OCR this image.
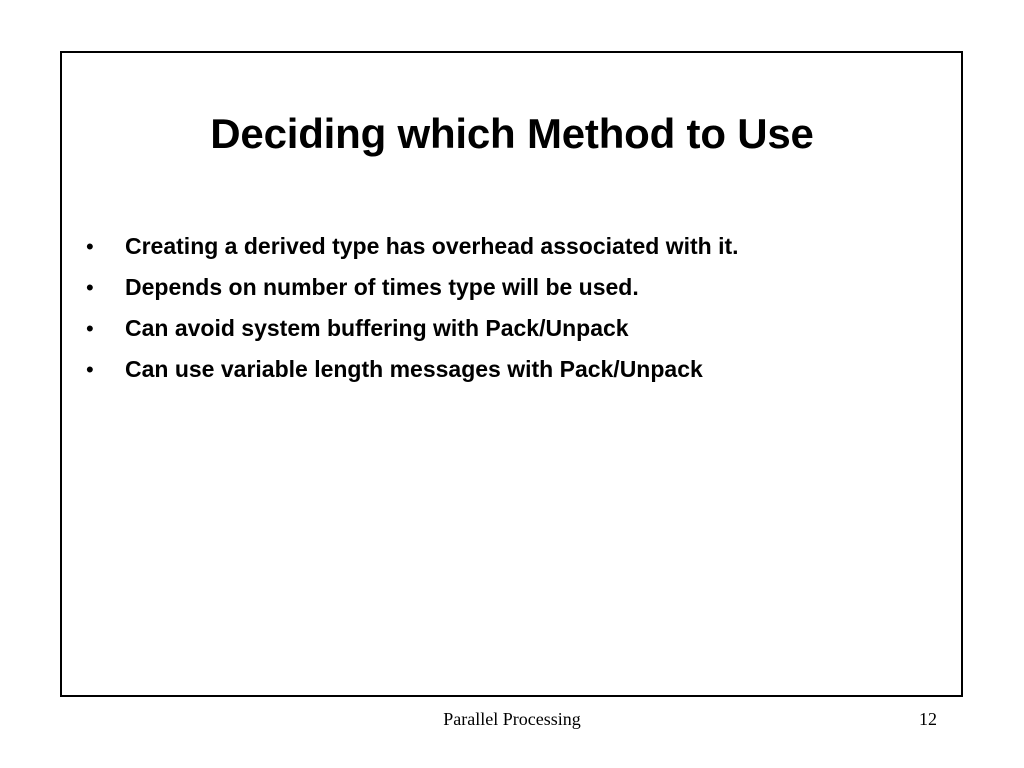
Deciding which Method to Use
•	Creating a derived type has overhead associated with it.
•	Depends on number of times type will be used.
•	Can avoid system buffering with Pack/Unpack
•	Can use variable length messages with Pack/Unpack
Parallel Processing	12
